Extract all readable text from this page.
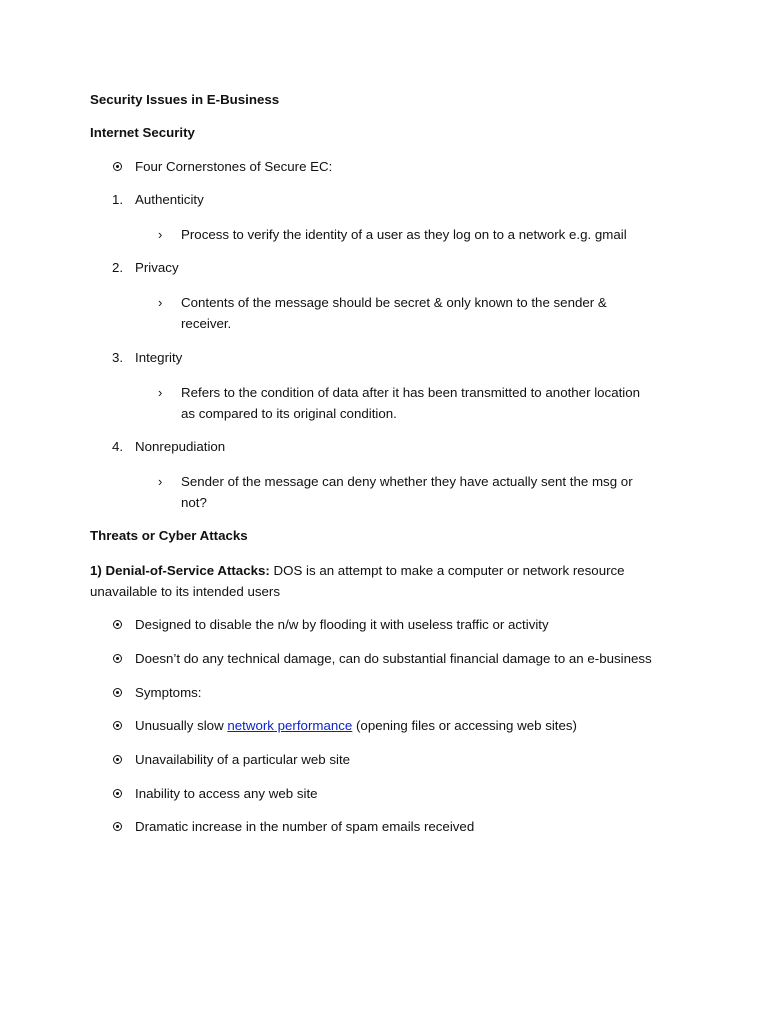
Security Issues in E-Business
Internet Security
Four Cornerstones of Secure EC:
1. Authenticity
› Process to verify the identity of a user as they log on to a network e.g. gmail
2. Privacy
› Contents of the message should be secret & only known to the sender &
receiver.
3. Integrity
› Refers to the condition of data after it has been transmitted to another location
as compared to its original condition.
4. Nonrepudiation
› Sender of the message can deny whether they have actually sent the msg or
not?
Threats or Cyber Attacks
1) Denial-of-Service Attacks: DOS is an attempt to make a computer or network resource
unavailable to its intended users
Designed to disable the n/w by flooding it with useless traffic or activity
Doesn’t do any technical damage, can do substantial financial damage to an e-business
Symptoms:
Unusually slow network performance (opening files or accessing web sites)
Unavailability of a particular web site
Inability to access any web site
Dramatic increase in the number of spam emails received
